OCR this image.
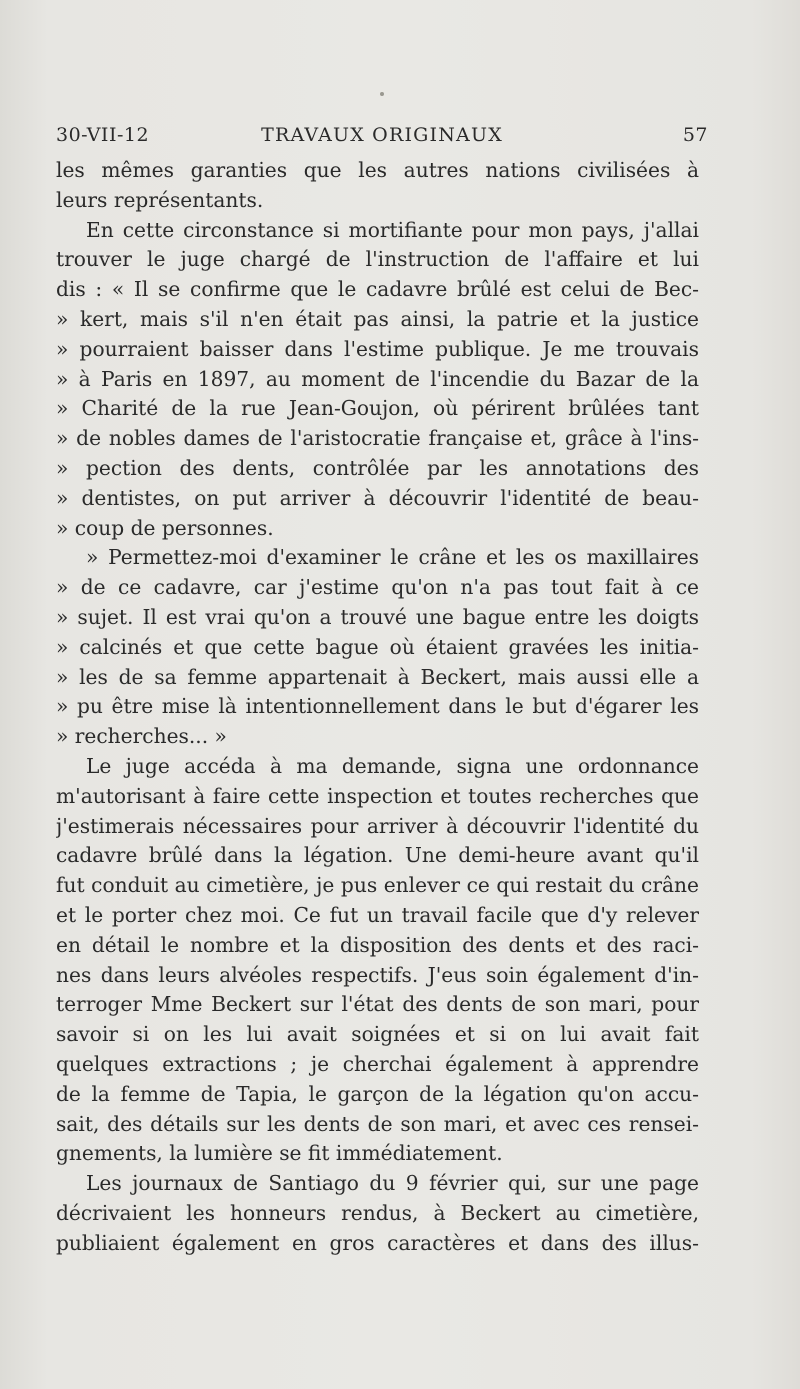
30-VII-12	TRAVAUX ORIGINAUX	57
les mêmes garanties que les autres nations civilisées à
leurs représentants.
En cette circonstance si mortifiante pour mon pays, j'allai
trouver le juge chargé de l'instruction de l'affaire et lui
dis : « Il se confirme que le cadavre brûlé est celui de Bec-
» kert, mais s'il n'en était pas ainsi, la patrie et la justice
» pourraient baisser dans l'estime publique. Je me trouvais
» à Paris en 1897, au moment de l'incendie du Bazar de la
» Charité de la rue Jean-Goujon, où périrent brûlées tant
» de nobles dames de l'aristocratie française et, grâce à l'ins-
» pection des dents, contrôlée par les annotations des
» dentistes, on put arriver à découvrir l'identité de beau-
» coup de personnes.
» Permettez-moi d'examiner le crâne et les os maxillaires
» de ce cadavre, car j'estime qu'on n'a pas tout fait à ce
» sujet. Il est vrai qu'on a trouvé une bague entre les doigts
» calcinés et que cette bague où étaient gravées les initia-
» les de sa femme appartenait à Beckert, mais aussi elle a
» pu être mise là intentionnellement dans le but d'égarer les
» recherches... »
Le juge accéda à ma demande, signa une ordonnance
m'autorisant à faire cette inspection et toutes recherches que
j'estimerais nécessaires pour arriver à découvrir l'identité du
cadavre brûlé dans la légation. Une demi-heure avant qu'il
fut conduit au cimetière, je pus enlever ce qui restait du crâne
et le porter chez moi. Ce fut un travail facile que d'y relever
en détail le nombre et la disposition des dents et des raci-
nes dans leurs alvéoles respectifs. J'eus soin également d'in-
terroger Mme Beckert sur l'état des dents de son mari, pour
savoir si on les lui avait soignées et si on lui avait fait
quelques extractions ; je cherchai également à apprendre
de la femme de Tapia, le garçon de la légation qu'on accu-
sait, des détails sur les dents de son mari, et avec ces rensei-
gnements, la lumière se fit immédiatement.
Les journaux de Santiago du 9 février qui, sur une page
décrivaient les honneurs rendus, à Beckert au cimetière,
publiaient également en gros caractères et dans des illus-
